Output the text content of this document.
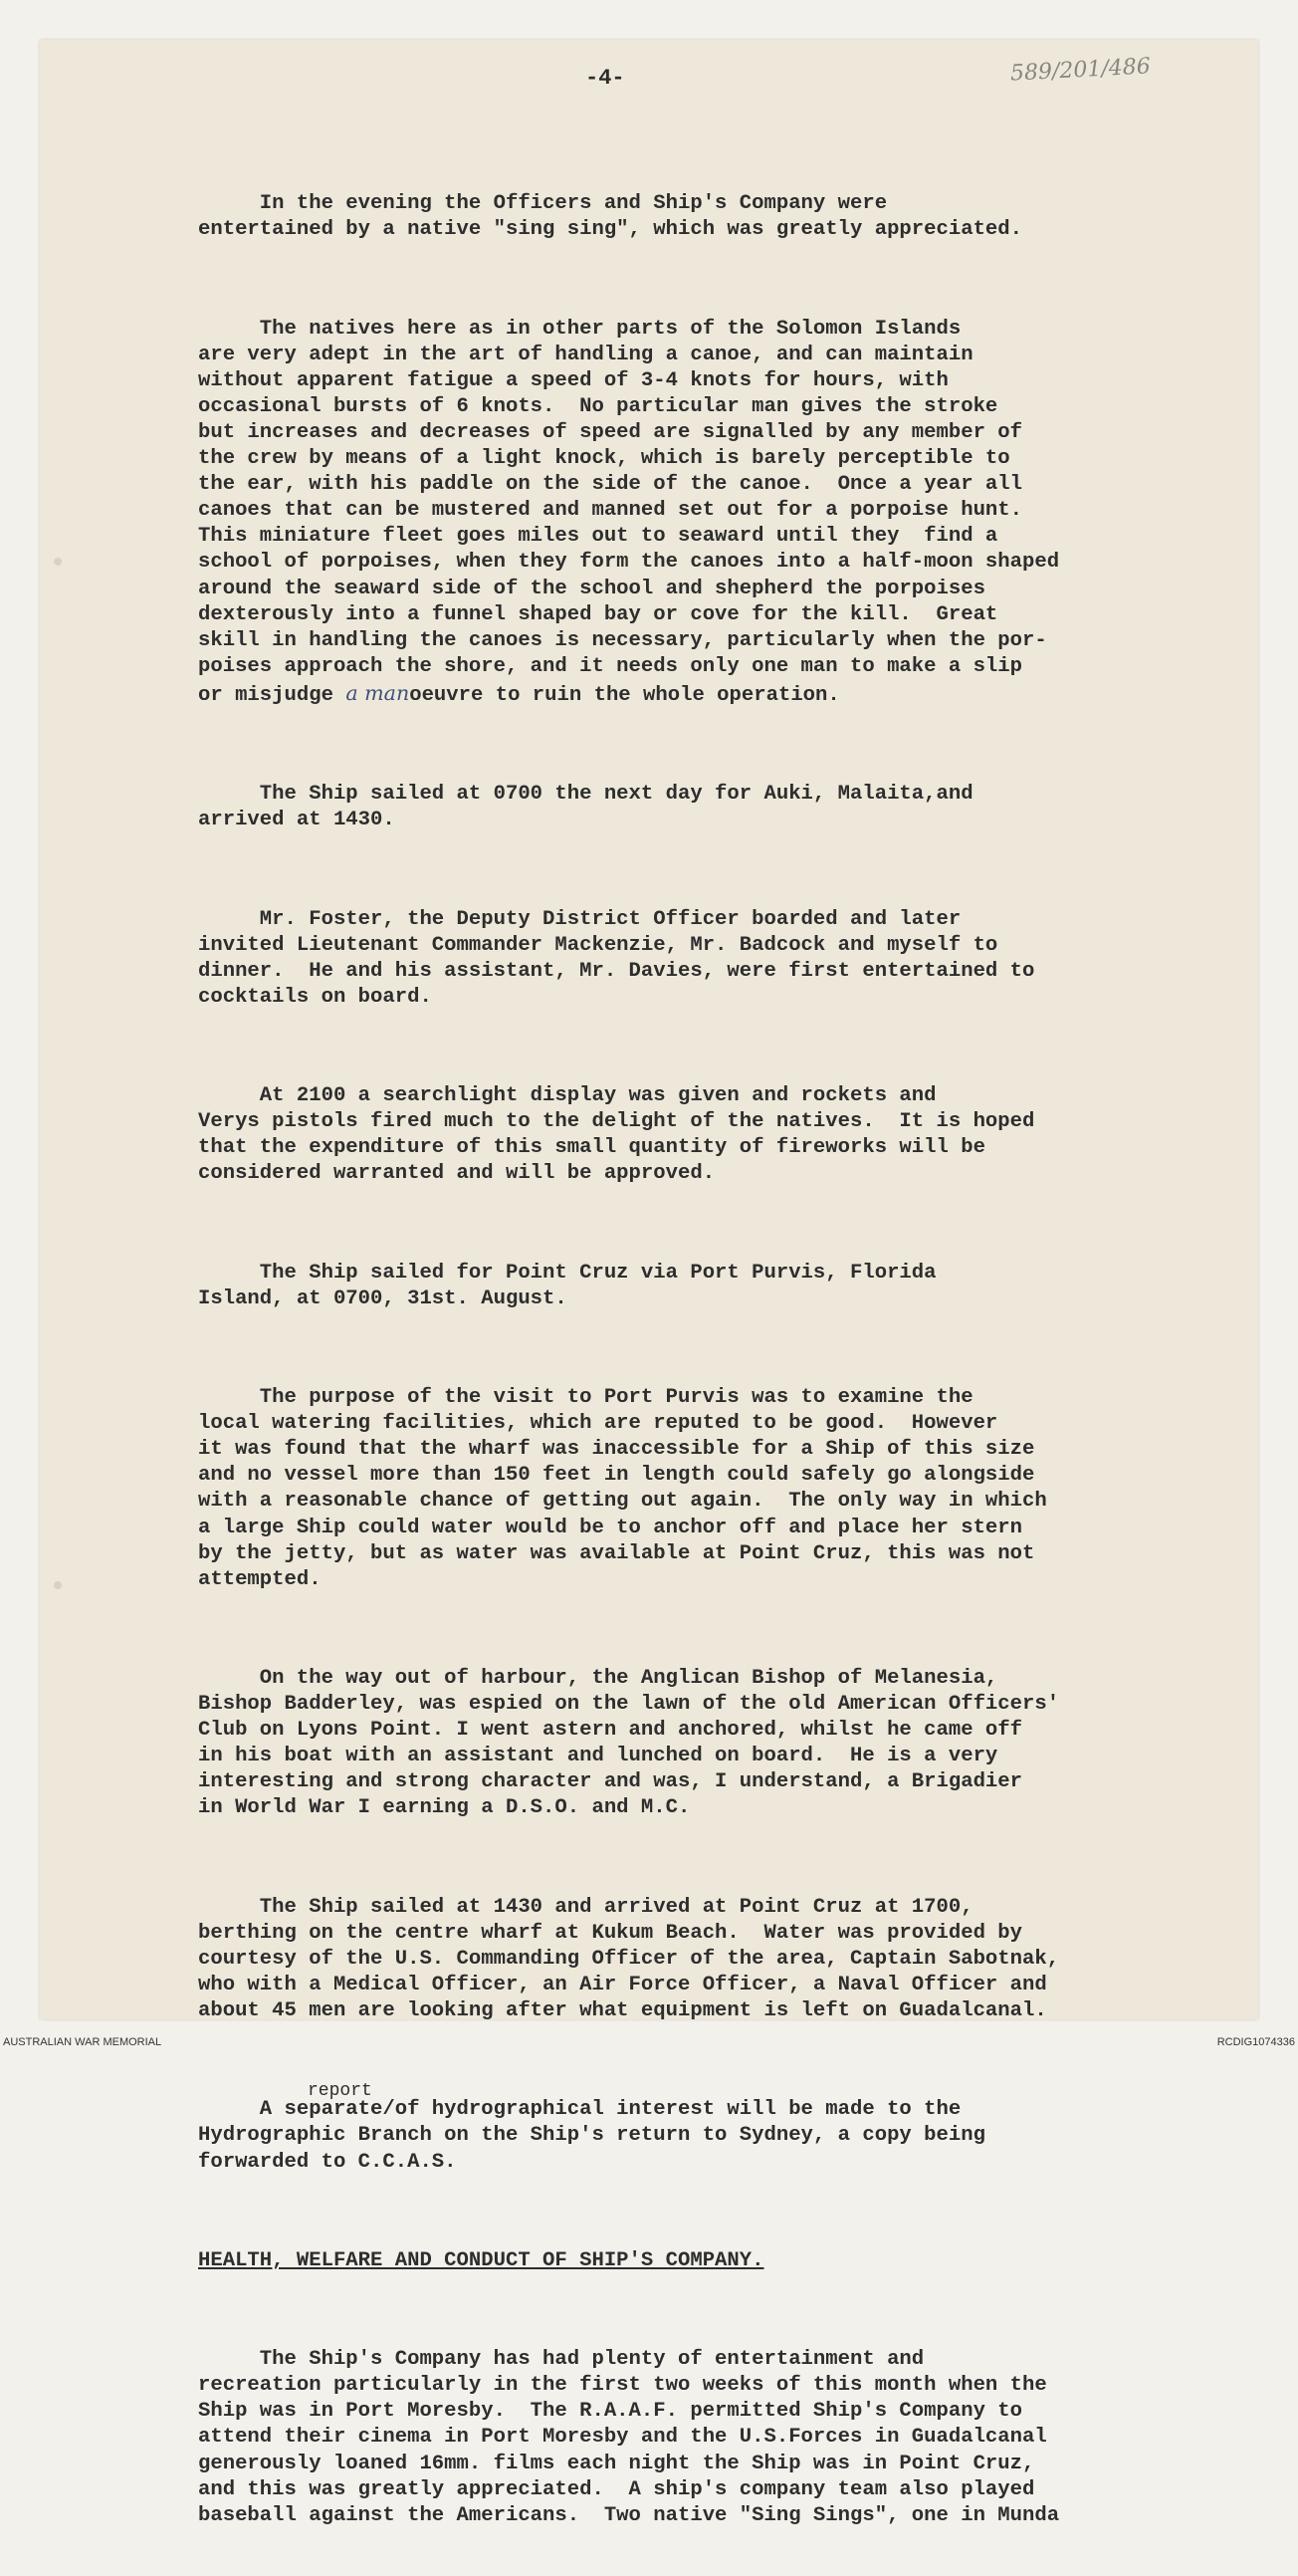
-4-	589/201/486

In the evening the Officers and Ship's Company were
entertained by a native "sing sing", which was greatly appreciated.

The natives here as in other parts of the Solomon Islands
are very adept in the art of handling a canoe, and can maintain
without apparent fatigue a speed of 3-4 knots for hours, with
occasional bursts of 6 knots.  No particular man gives the stroke
but increases and decreases of speed are signalled by any member of
the crew by means of a light knock, which is barely perceptible to
the ear, with his paddle on the side of the canoe.  Once a year all
canoes that can be mustered and manned set out for a porpoise hunt.
This miniature fleet goes miles out to seaward until they  find a
school of porpoises, when they form the canoes into a half-moon shaped
around the seaward side of the school and shepherd the porpoises
dexterously into a funnel shaped bay or cove for the kill.  Great
skill in handling the canoes is necessary, particularly when the por-
poises approach the shore, and it needs only one man to make a slip
or misjudge a manoeuvre to ruin the whole operation.

The Ship sailed at 0700 the next day for Auki, Malaita,and
arrived at 1430.

Mr. Foster, the Deputy District Officer boarded and later
invited Lieutenant Commander Mackenzie, Mr. Badcock and myself to
dinner.  He and his assistant, Mr. Davies, were first entertained to
cocktails on board.

At 2100 a searchlight display was given and rockets and
Verys pistols fired much to the delight of the natives.  It is hoped
that the expenditure of this small quantity of fireworks will be
considered warranted and will be approved.

The Ship sailed for Point Cruz via Port Purvis, Florida
Island, at 0700, 31st. August.

The purpose of the visit to Port Purvis was to examine the
local watering facilities, which are reputed to be good.  However
it was found that the wharf was inaccessible for a Ship of this size
and no vessel more than 150 feet in length could safely go alongside
with a reasonable chance of getting out again.  The only way in which
a large Ship could water would be to anchor off and place her stern
by the jetty, but as water was available at Point Cruz, this was not
attempted.

On the way out of harbour, the Anglican Bishop of Melanesia,
Bishop Badderley, was espied on the lawn of the old American Officers'
Club on Lyons Point. I went astern and anchored, whilst he came off
in his boat with an assistant and lunched on board.  He is a very
interesting and strong character and was, I understand, a Brigadier
in World War I earning a D.S.O. and M.C.

The Ship sailed at 1430 and arrived at Point Cruz at 1700,
berthing on the centre wharf at Kukum Beach.  Water was provided by
courtesy of the U.S. Commanding Officer of the area, Captain Sabotnak,
who with a Medical Officer, an Air Force Officer, a Naval Officer and
about 45 men are looking after what equipment is left on Guadalcanal.

report
A separate/of hydrographical interest will be made to the
Hydrographic Branch on the Ship's return to Sydney, a copy being
forwarded to C.C.A.S.

HEALTH, WELFARE AND CONDUCT OF SHIP'S COMPANY.

The Ship's Company has had plenty of entertainment and
recreation particularly in the first two weeks of this month when the
Ship was in Port Moresby.  The R.A.A.F. permitted Ship's Company to
attend their cinema in Port Moresby and the U.S.Forces in Guadalcanal
generously loaned 16mm. films each night the Ship was in Point Cruz,
and this was greatly appreciated.  A ship's company team also played
baseball against the Americans.  Two native "Sing Sings", one in Munda

AUSTRALIAN WAR MEMORIAL	RCDIG1074336
